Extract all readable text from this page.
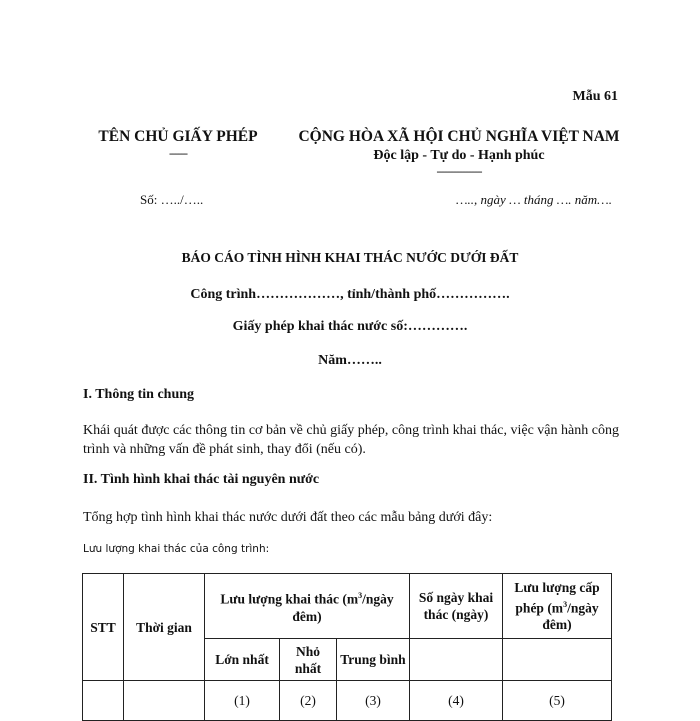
Mẫu 61
TÊN CHỦ GIẤY PHÉP
------
CỘNG HÒA XÃ HỘI CHỦ NGHĨA VIỆT NAM
Độc lập - Tự do - Hạnh phúc
---------------
Số: …../…..	….., ngày … tháng …. năm….
BÁO CÁO TÌNH HÌNH KHAI THÁC NƯỚC DƯỚI ĐẤT
Công trình………………, tỉnh/thành phố…………….
Giấy phép khai thác nước số:………….
Năm……..
I. Thông tin chung
Khái quát được các thông tin cơ bản về chủ giấy phép, công trình khai thác, việc vận hành công trình và những vấn đề phát sinh, thay đổi (nếu có).
II. Tình hình khai thác tài nguyên nước
Tổng hợp tình hình khai thác nước dưới đất theo các mẫu bảng dưới đây:
Lưu lượng khai thác của công trình:
STT	Thời gian	Lưu lượng khai thác ($m^3$/ngày đêm)			Số ngày khai thác (ngày)	Lưu lượng cấp phép ($m^3$/ngày đêm)
		Lớn nhất	Nhỏ nhất	Trung bình		
		(1)	(2)	(3)	(4)	(5)
